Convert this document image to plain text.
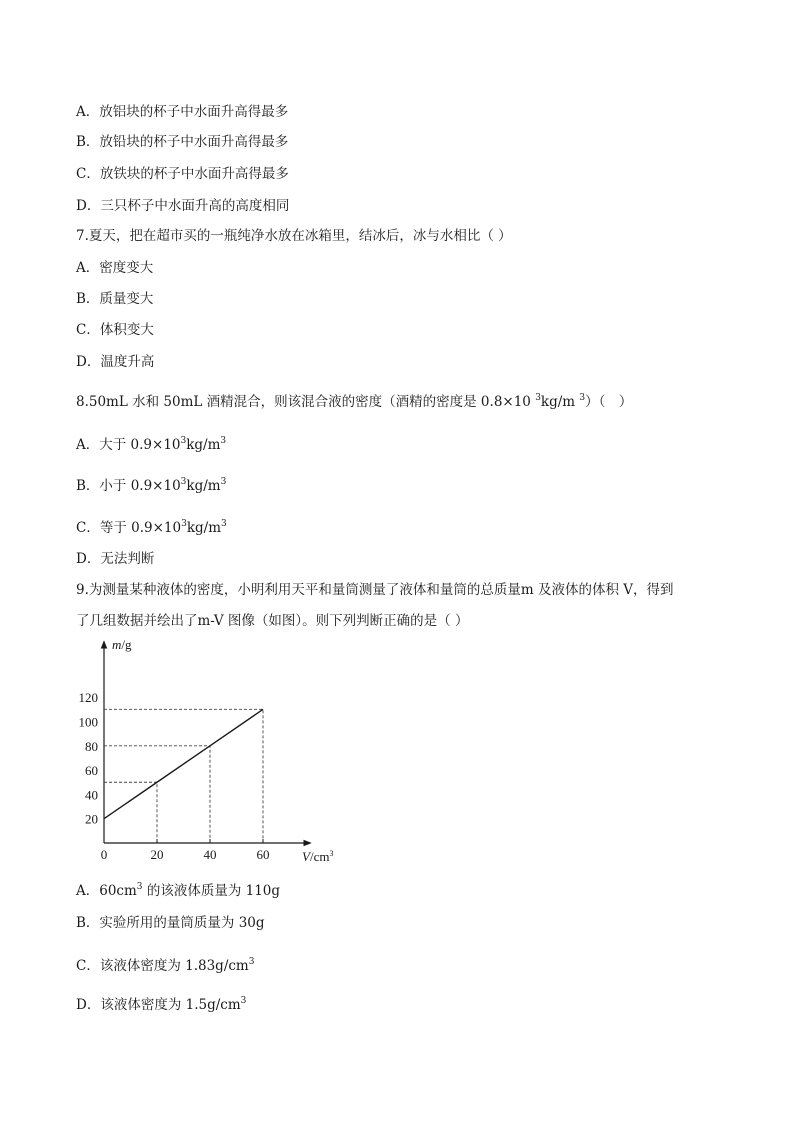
A．放铝块的杯子中水面升高得最多
B．放铅块的杯子中水面升高得最多
C．放铁块的杯子中水面升高得最多
D．三只杯子中水面升高的高度相同
7.夏天，把在超市买的一瓶纯净水放在冰箱里，结冰后，冰与水相比（ ）
A．密度变大
B．质量变大
C．体积变大
D．温度升高
8.50mL 水和 50mL 酒精混合，则该混合液的密度（酒精的密度是 0.8×10 $^3$kg/m $^3$）（　）
A．大于 $0.9\times 10^3kg/m^3$
B．小于 $0.9\times 10^3kg/m^3$
C．等于 $0.9\times 10^3kg/m^3$
D．无法判断
9.为测量某种液体的密度，小明利用天平和量筒测量了液体和量筒的总质量m 及液体的体积 V，得到
了几组数据并绘出了m-V 图像（如图）。则下列判断正确的是（ ）
0	20	40	60
20
40
60
80
100
120
m/g
$V/cm^3$
A．$60cm^3$ 的该液体质量为 110g
B．实验所用的量筒质量为 30g
C．该液体密度为 $1.83g/cm^3$
D．该液体密度为 $1.5g/cm^3$
